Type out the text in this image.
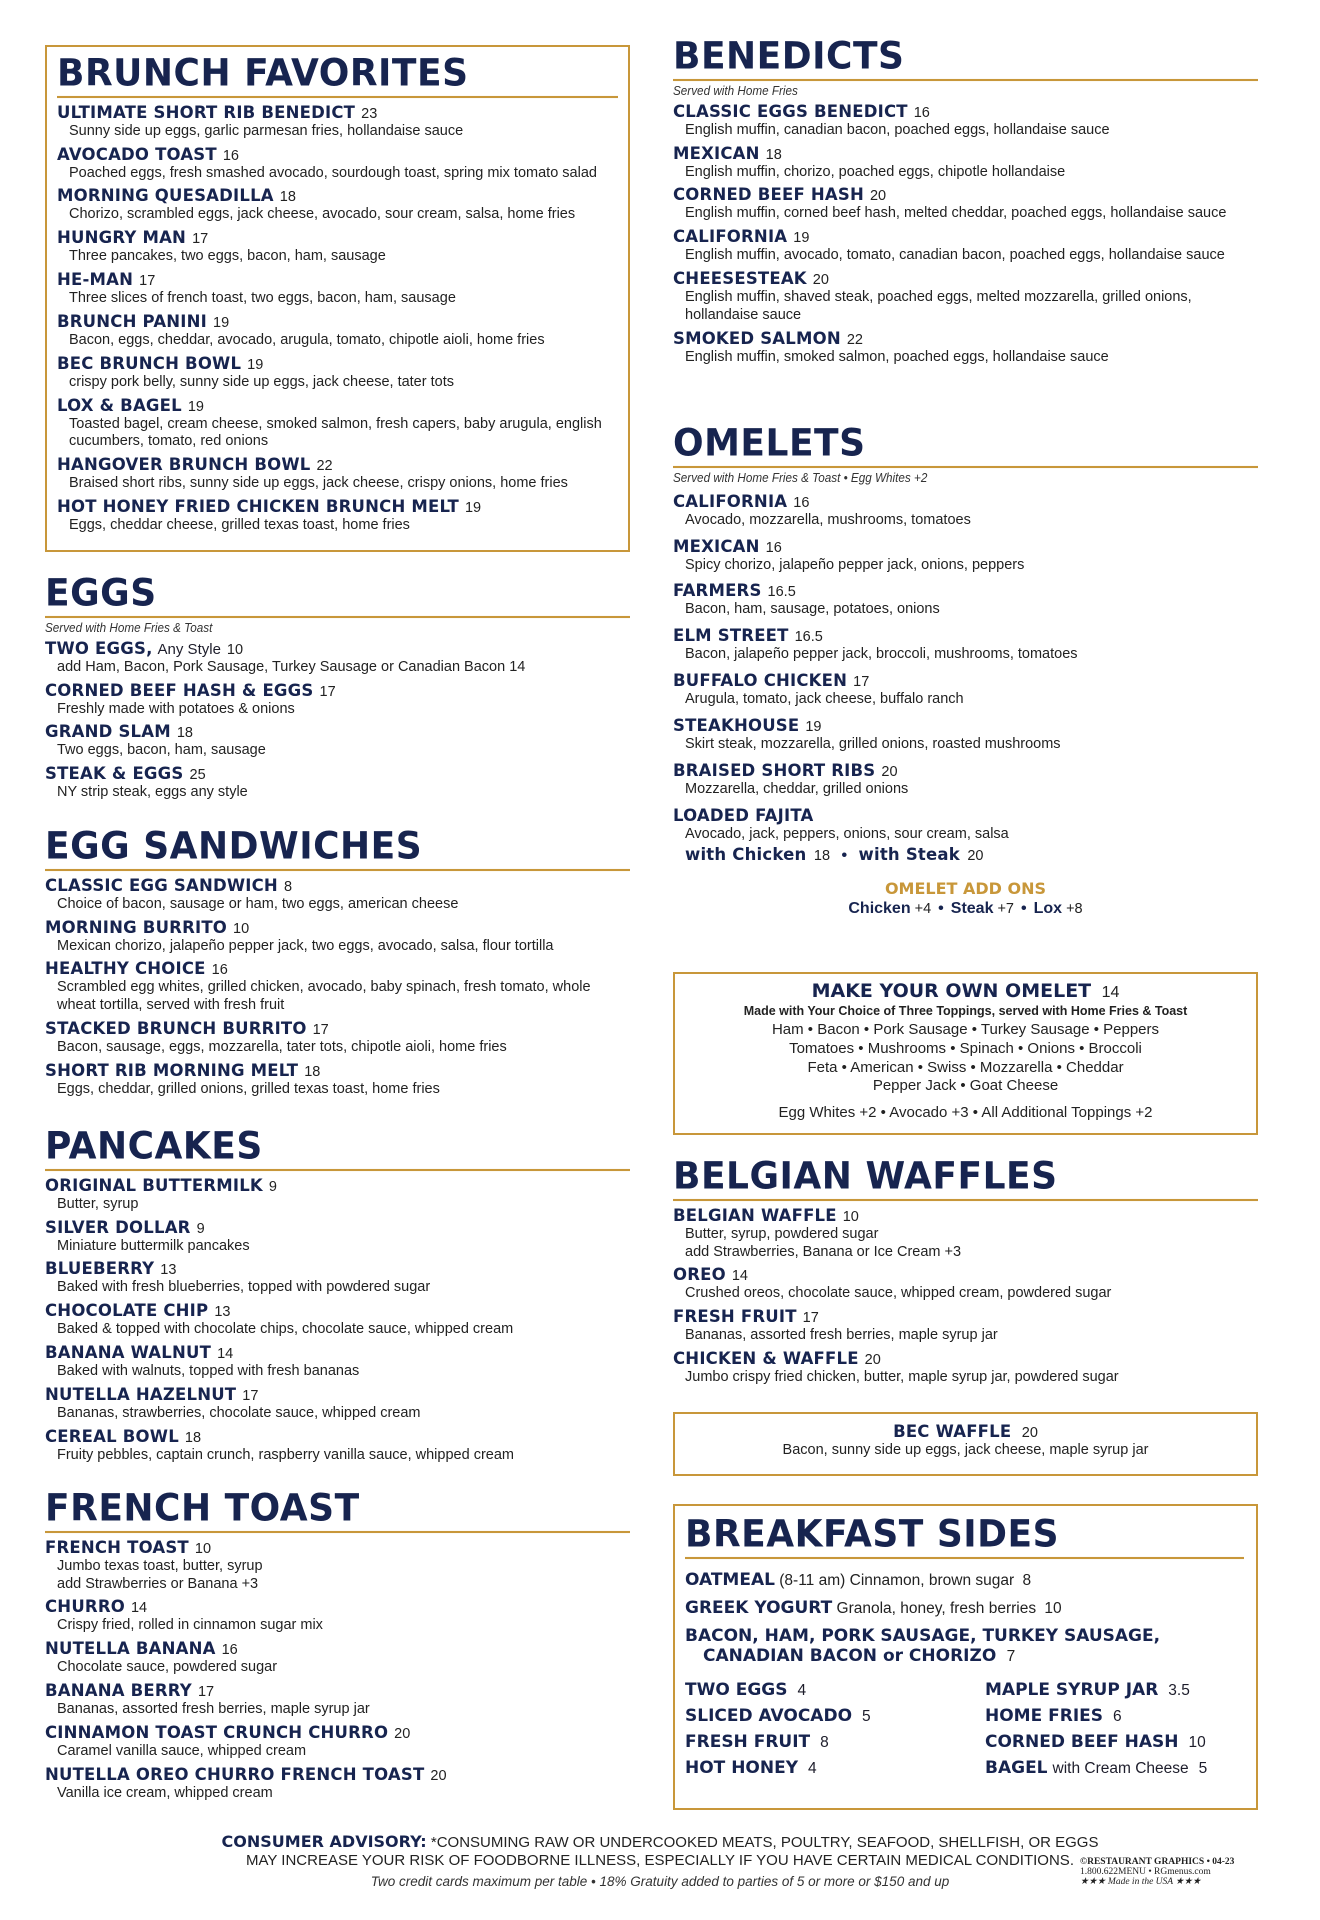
BRUNCH FAVORITES
ULTIMATE SHORT RIB BENEDICT 23
Sunny side up eggs, garlic parmesan fries, hollandaise sauce
AVOCADO TOAST 16
Poached eggs, fresh smashed avocado, sourdough toast, spring mix tomato salad
MORNING QUESADILLA 18
Chorizo, scrambled eggs, jack cheese, avocado, sour cream, salsa, home fries
HUNGRY MAN 17
Three pancakes, two eggs, bacon, ham, sausage
HE-MAN 17
Three slices of french toast, two eggs, bacon, ham, sausage
BRUNCH PANINI 19
Bacon, eggs, cheddar, avocado, arugula, tomato, chipotle aioli, home fries
BEC BRUNCH BOWL 19
crispy pork belly, sunny side up eggs, jack cheese, tater tots
LOX & BAGEL 19
Toasted bagel, cream cheese, smoked salmon, fresh capers, baby arugula, english cucumbers, tomato, red onions
HANGOVER BRUNCH BOWL 22
Braised short ribs, sunny side up eggs, jack cheese, crispy onions, home fries
HOT HONEY FRIED CHICKEN BRUNCH MELT 19
Eggs, cheddar cheese, grilled texas toast, home fries
EGGS
Served with Home Fries & Toast
TWO EGGS, Any Style 10
add Ham, Bacon, Pork Sausage, Turkey Sausage or Canadian Bacon 14
CORNED BEEF HASH & EGGS 17
Freshly made with potatoes & onions
GRAND SLAM 18
Two eggs, bacon, ham, sausage
STEAK & EGGS 25
NY strip steak, eggs any style
EGG SANDWICHES
CLASSIC EGG SANDWICH 8
Choice of bacon, sausage or ham, two eggs, american cheese
MORNING BURRITO 10
Mexican chorizo, jalapeño pepper jack, two eggs, avocado, salsa, flour tortilla
HEALTHY CHOICE 16
Scrambled egg whites, grilled chicken, avocado, baby spinach, fresh tomato, whole wheat tortilla, served with fresh fruit
STACKED BRUNCH BURRITO 17
Bacon, sausage, eggs, mozzarella, tater tots, chipotle aioli, home fries
SHORT RIB MORNING MELT 18
Eggs, cheddar, grilled onions, grilled texas toast, home fries
PANCAKES
ORIGINAL BUTTERMILK 9
Butter, syrup
SILVER DOLLAR 9
Miniature buttermilk pancakes
BLUEBERRY 13
Baked with fresh blueberries, topped with powdered sugar
CHOCOLATE CHIP 13
Baked & topped with chocolate chips, chocolate sauce, whipped cream
BANANA WALNUT 14
Baked with walnuts, topped with fresh bananas
NUTELLA HAZELNUT 17
Bananas, strawberries, chocolate sauce, whipped cream
CEREAL BOWL 18
Fruity pebbles, captain crunch, raspberry vanilla sauce, whipped cream
FRENCH TOAST
FRENCH TOAST 10
Jumbo texas toast, butter, syrup
add Strawberries or Banana +3
CHURRO 14
Crispy fried, rolled in cinnamon sugar mix
NUTELLA BANANA 16
Chocolate sauce, powdered sugar
BANANA BERRY 17
Bananas, assorted fresh berries, maple syrup jar
CINNAMON TOAST CRUNCH CHURRO 20
Caramel vanilla sauce, whipped cream
NUTELLA OREO CHURRO FRENCH TOAST 20
Vanilla ice cream, whipped cream
BENEDICTS
Served with Home Fries
CLASSIC EGGS BENEDICT 16
English muffin, canadian bacon, poached eggs, hollandaise sauce
MEXICAN 18
English muffin, chorizo, poached eggs, chipotle hollandaise
CORNED BEEF HASH 20
English muffin, corned beef hash, melted cheddar, poached eggs, hollandaise sauce
CALIFORNIA 19
English muffin, avocado, tomato, canadian bacon, poached eggs, hollandaise sauce
CHEESESTEAK 20
English muffin, shaved steak, poached eggs, melted mozzarella, grilled onions, hollandaise sauce
SMOKED SALMON 22
English muffin, smoked salmon, poached eggs, hollandaise sauce
OMELETS
Served with Home Fries & Toast • Egg Whites +2
CALIFORNIA 16
Avocado, mozzarella, mushrooms, tomatoes
MEXICAN 16
Spicy chorizo, jalapeño pepper jack, onions, peppers
FARMERS 16.5
Bacon, ham, sausage, potatoes, onions
ELM STREET 16.5
Bacon, jalapeño pepper jack, broccoli, mushrooms, tomatoes
BUFFALO CHICKEN 17
Arugula, tomato, jack cheese, buffalo ranch
STEAKHOUSE 19
Skirt steak, mozzarella, grilled onions, roasted mushrooms
BRAISED SHORT RIBS 20
Mozzarella, cheddar, grilled onions
LOADED FAJITA
Avocado, jack, peppers, onions, sour cream, salsa
with Chicken 18 • with Steak 20
OMELET ADD ONS
Chicken +4 • Steak +7 • Lox +8
MAKE YOUR OWN OMELET 14
Made with Your Choice of Three Toppings, served with Home Fries & Toast
Ham • Bacon • Pork Sausage • Turkey Sausage • Peppers
Tomatoes • Mushrooms • Spinach • Onions • Broccoli
Feta • American • Swiss • Mozzarella • Cheddar
Pepper Jack • Goat Cheese
Egg Whites +2 • Avocado +3 • All Additional Toppings +2
BELGIAN WAFFLES
BELGIAN WAFFLE 10
Butter, syrup, powdered sugar
add Strawberries, Banana or Ice Cream +3
OREO 14
Crushed oreos, chocolate sauce, whipped cream, powdered sugar
FRESH FRUIT 17
Bananas, assorted fresh berries, maple syrup jar
CHICKEN & WAFFLE 20
Jumbo crispy fried chicken, butter, maple syrup jar, powdered sugar
BEC WAFFLE 20
Bacon, sunny side up eggs, jack cheese, maple syrup jar
BREAKFAST SIDES
OATMEAL (8-11 am) Cinnamon, brown sugar 8
GREEK YOGURT Granola, honey, fresh berries 10
BACON, HAM, PORK SAUSAGE, TURKEY SAUSAGE,
CANADIAN BACON or CHORIZO 7
TWO EGGS 4	MAPLE SYRUP JAR 3.5
SLICED AVOCADO 5	HOME FRIES 6
FRESH FRUIT 8	CORNED BEEF HASH 10
HOT HONEY 4	BAGEL with Cream Cheese 5
CONSUMER ADVISORY: *CONSUMING RAW OR UNDERCOOKED MEATS, POULTRY, SEAFOOD, SHELLFISH, OR EGGS
MAY INCREASE YOUR RISK OF FOODBORNE ILLNESS, ESPECIALLY IF YOU HAVE CERTAIN MEDICAL CONDITIONS.
Two credit cards maximum per table • 18% Gratuity added to parties of 5 or more or $150 and up
©RESTAURANT GRAPHICS • 04-23
1.800.622MENU • RGmenus.com
★★★ Made in the USA ★★★
